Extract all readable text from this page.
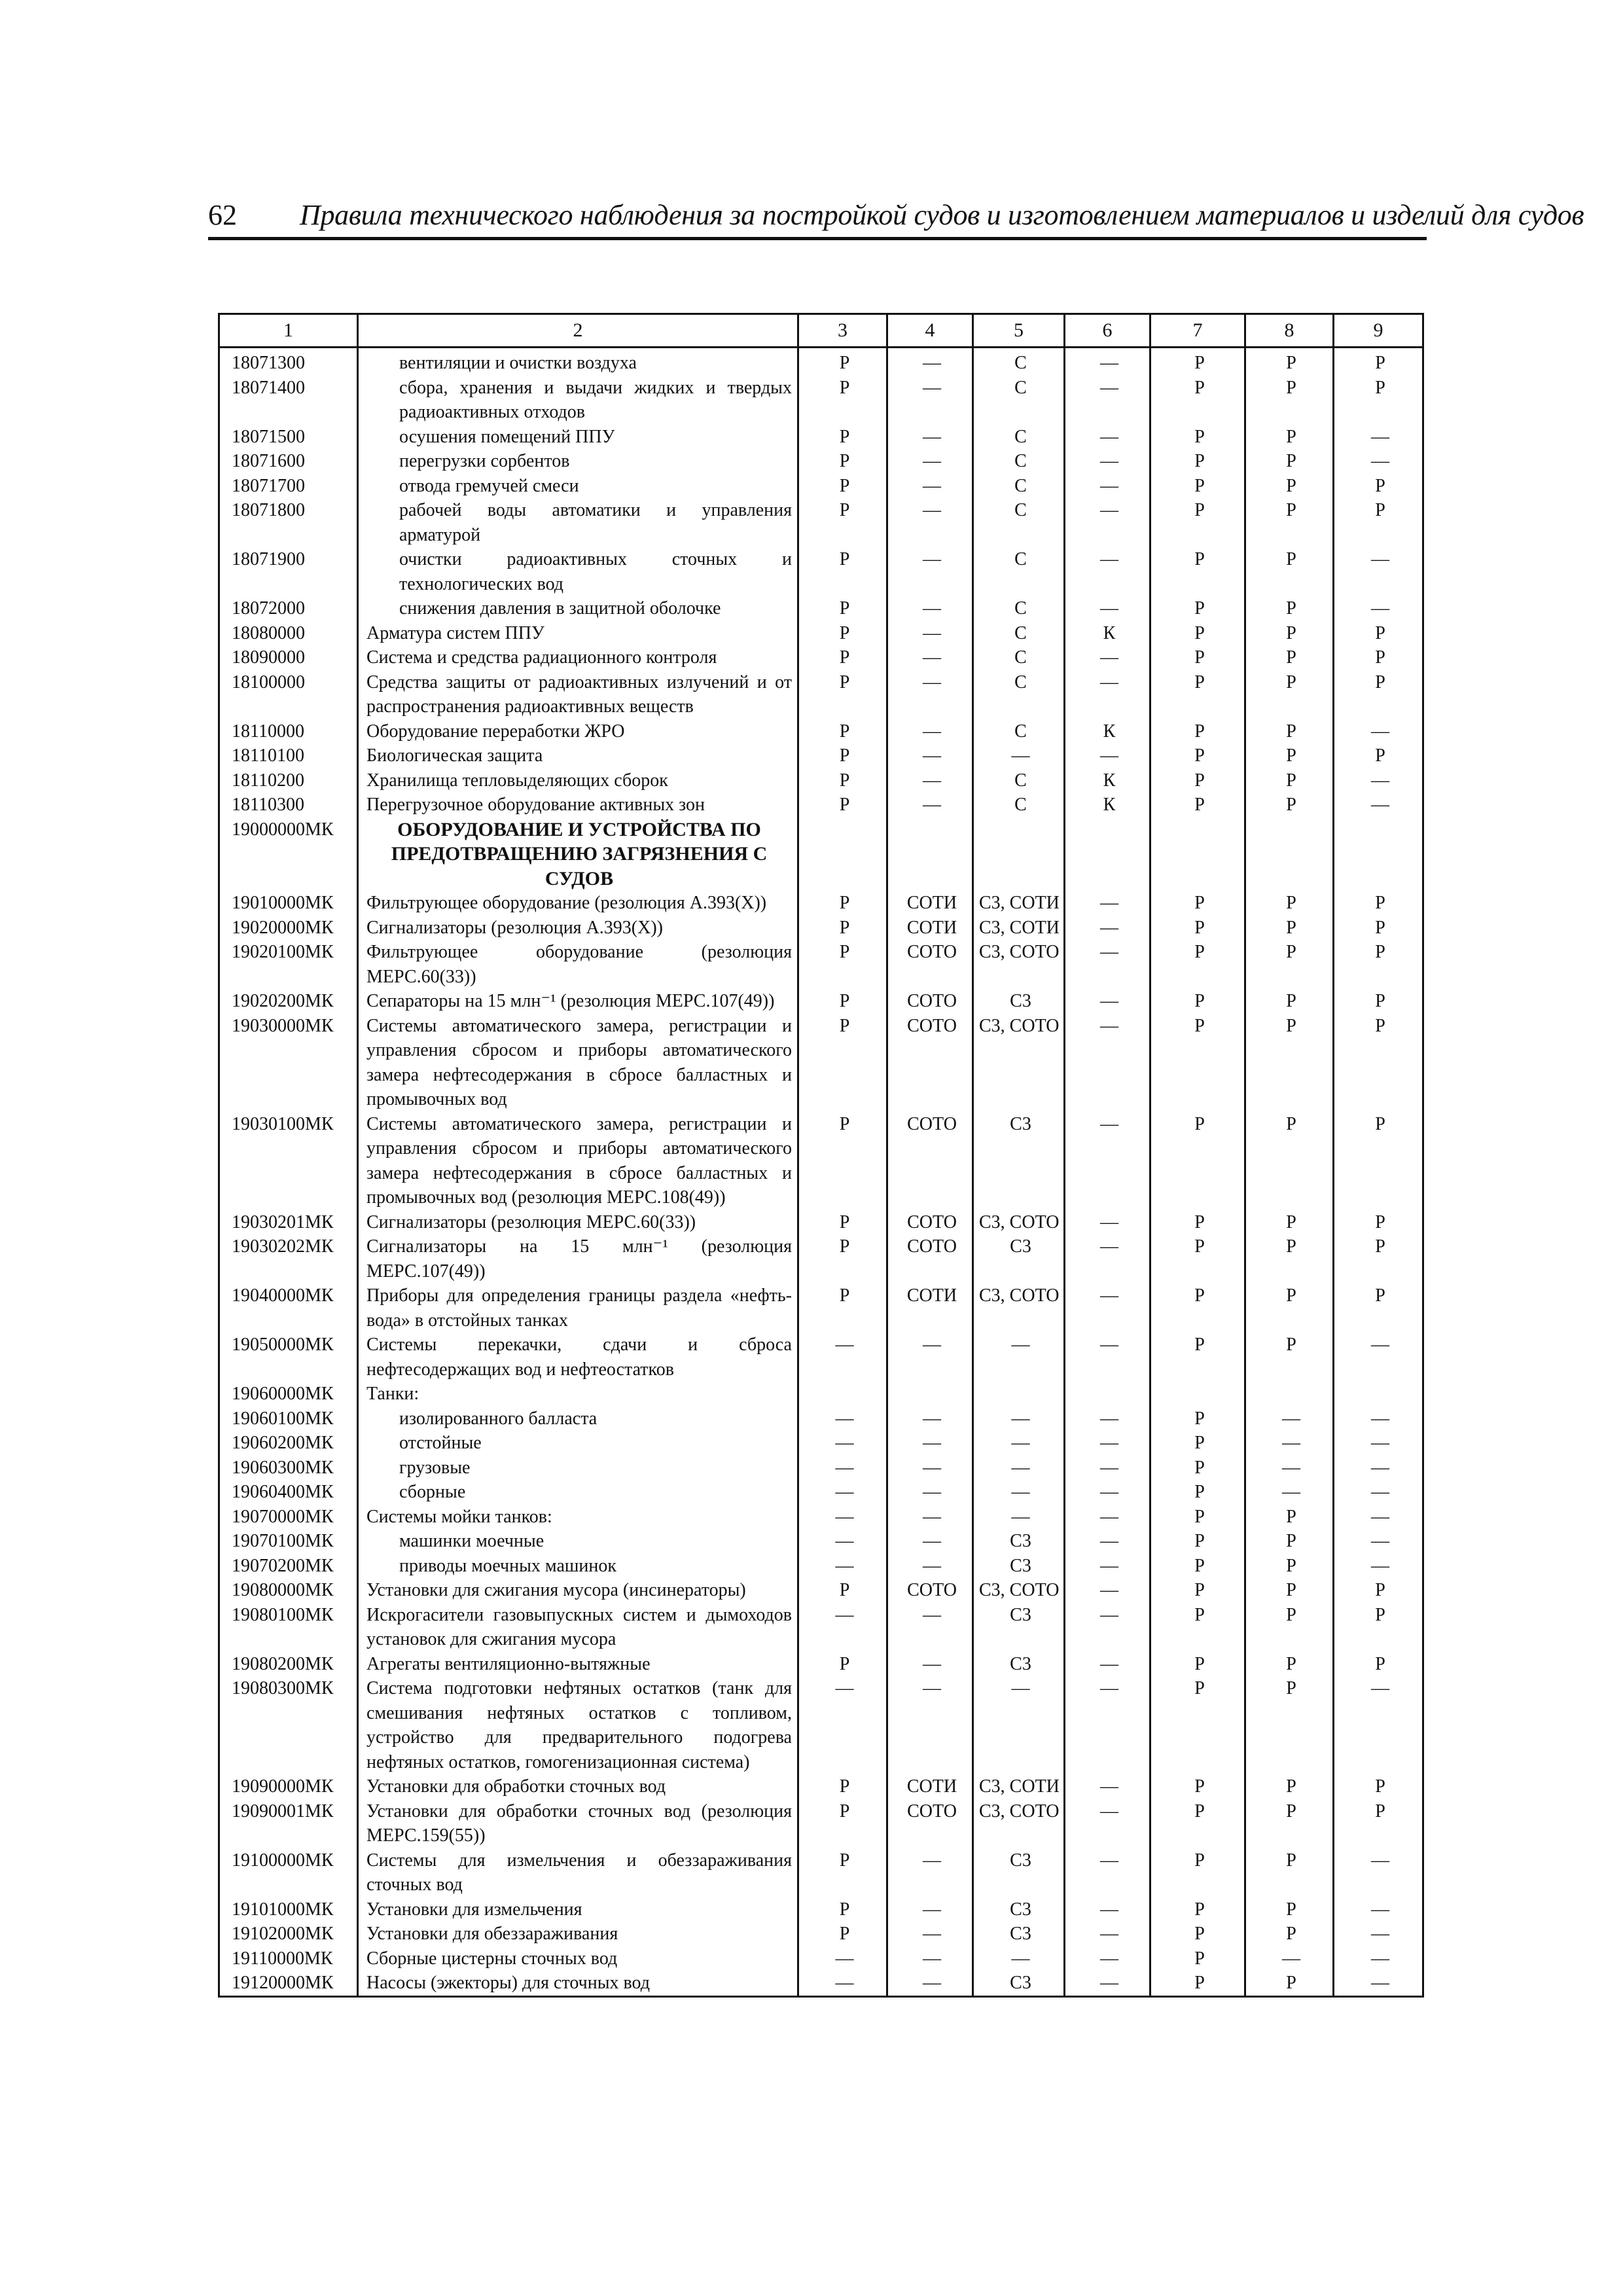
62 Правила технического наблюдения за постройкой судов и изготовлением материалов и изделий для судов
1	2	3	4	5	6	7	8	9
18071300	вентиляции и очистки воздуха	Р	—	С	—	Р	Р	Р
18071400	сбора, хранения и выдачи жидких и твердых радиоактивных отходов	Р	—	С	—	Р	Р	Р
18071500	осушения помещений ППУ	Р	—	С	—	Р	Р	—
18071600	перегрузки сорбентов	Р	—	С	—	Р	Р	—
18071700	отвода гремучей смеси	Р	—	С	—	Р	Р	Р
18071800	рабочей воды автоматики и управления арматурой	Р	—	С	—	Р	Р	Р
18071900	очистки радиоактивных сточных и технологических вод	Р	—	С	—	Р	Р	—
18072000	снижения давления в защитной оболочке	Р	—	С	—	Р	Р	—
18080000	Арматура систем ППУ	Р	—	С	К	Р	Р	Р
18090000	Система и средства радиационного контроля	Р	—	С	—	Р	Р	Р
18100000	Средства защиты от радиоактивных излучений и от распространения радиоактивных веществ	Р	—	С	—	Р	Р	Р
18110000	Оборудование переработки ЖРО	Р	—	С	К	Р	Р	—
18110100	Биологическая защита	Р	—	—	—	Р	Р	Р
18110200	Хранилища тепловыделяющих сборок	Р	—	С	К	Р	Р	—
18110300	Перегрузочное оборудование активных зон	Р	—	С	К	Р	Р	—
19000000МК	ОБОРУДОВАНИЕ И УСТРОЙСТВА ПО ПРЕДОТВРАЩЕНИЮ ЗАГРЯЗНЕНИЯ С СУДОВ							
19010000МК	Фильтрующее оборудование (резолюция A.393(X))	Р	СОТИ	С3, СОТИ	—	Р	Р	Р
19020000МК	Сигнализаторы (резолюция A.393(X))	Р	СОТИ	С3, СОТИ	—	Р	Р	Р
19020100МК	Фильтрующее оборудование (резолюция МЕРС.60(33))	Р	СОТО	С3, СОТО	—	Р	Р	Р
19020200МК	Сепараторы на 15 млн⁻¹ (резолюция МЕРС.107(49))	Р	СОТО	С3	—	Р	Р	Р
19030000МК	Системы автоматического замера, регистрации и управления сбросом и приборы автоматического замера нефтесодержания в сбросе балластных и промывочных вод	Р	СОТО	С3, СОТО	—	Р	Р	Р
19030100МК	Системы автоматического замера, регистрации и управления сбросом и приборы автоматического замера нефтесодержания в сбросе балластных и промывочных вод (резолюция МЕРС.108(49))	Р	СОТО	С3	—	Р	Р	Р
19030201МК	Сигнализаторы (резолюция МЕРС.60(33))	Р	СОТО	С3, СОТО	—	Р	Р	Р
19030202МК	Сигнализаторы на 15 млн⁻¹ (резолюция МЕРС.107(49))	Р	СОТО	С3	—	Р	Р	Р
19040000МК	Приборы для определения границы раздела «нефть-вода» в отстойных танках	Р	СОТИ	С3, СОТО	—	Р	Р	Р
19050000МК	Системы перекачки, сдачи и сброса нефтесодержащих вод и нефтеостатков	—	—	—	—	Р	Р	—
19060000МК	Танки:							
19060100МК	изолированного балласта	—	—	—	—	Р	—	—
19060200МК	отстойные	—	—	—	—	Р	—	—
19060300МК	грузовые	—	—	—	—	Р	—	—
19060400МК	сборные	—	—	—	—	Р	—	—
19070000МК	Системы мойки танков:	—	—	—	—	Р	Р	—
19070100МК	машинки моечные	—	—	С3	—	Р	Р	—
19070200МК	приводы моечных машинок	—	—	С3	—	Р	Р	—
19080000МК	Установки для сжигания мусора (инсинераторы)	Р	СОТО	С3, СОТО	—	Р	Р	Р
19080100МК	Искрогасители газовыпускных систем и дымоходов установок для сжигания мусора	—	—	С3	—	Р	Р	Р
19080200МК	Агрегаты вентиляционно-вытяжные	Р	—	С3	—	Р	Р	Р
19080300МК	Система подготовки нефтяных остатков (танк для смешивания нефтяных остатков с топливом, устройство для предварительного подогрева нефтяных остатков, гомогенизационная система)	—	—	—	—	Р	Р	—
19090000МК	Установки для обработки сточных вод	Р	СОТИ	С3, СОТИ	—	Р	Р	Р
19090001МК	Установки для обработки сточных вод (резолюция МЕРС.159(55))	Р	СОТО	С3, СОТО	—	Р	Р	Р
19100000МК	Системы для измельчения и обеззараживания сточных вод	Р	—	С3	—	Р	Р	—
19101000МК	Установки для измельчения	Р	—	С3	—	Р	Р	—
19102000МК	Установки для обеззараживания	Р	—	С3	—	Р	Р	—
19110000МК	Сборные цистерны сточных вод	—	—	—	—	Р	—	—
19120000МК	Насосы (эжекторы) для сточных вод	—	—	С3	—	Р	Р	—
